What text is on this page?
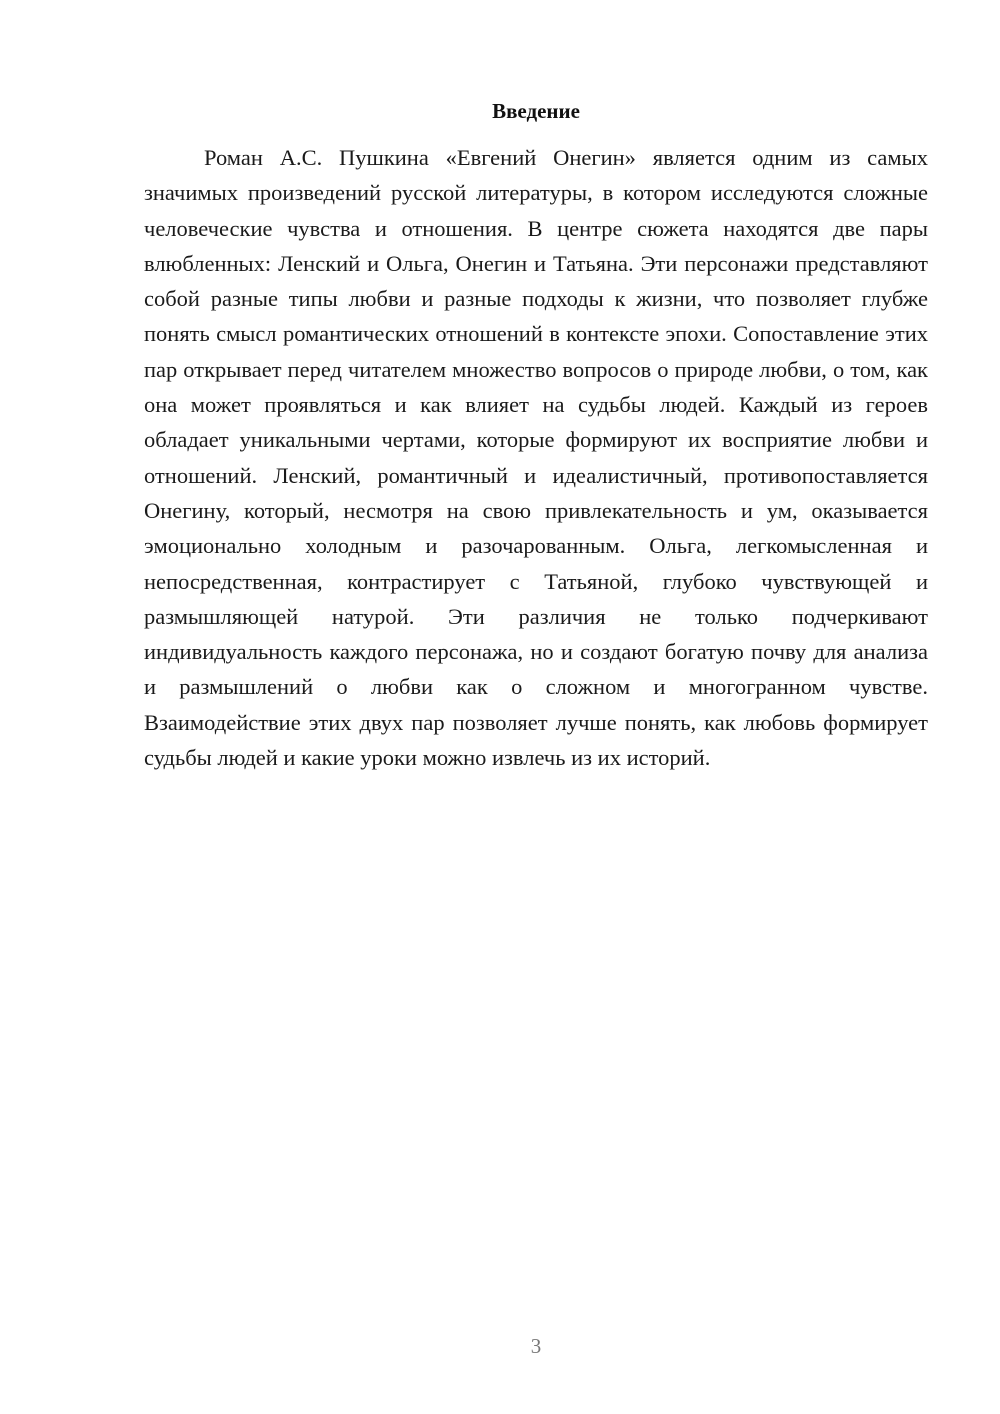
Введение

Роман А.С. Пушкина «Евгений Онегин» является одним из самых значимых произведений русской литературы, в котором исследуются сложные человеческие чувства и отношения. В центре сюжета находятся две пары влюбленных: Ленский и Ольга, Онегин и Татьяна. Эти персонажи представляют собой разные типы любви и разные подходы к жизни, что позволяет глубже понять смысл романтических отношений в контексте эпохи. Сопоставление этих пар открывает перед читателем множество вопросов о природе любви, о том, как она может проявляться и как влияет на судьбы людей. Каждый из героев обладает уникальными чертами, которые формируют их восприятие любви и отношений. Ленский, романтичный и идеалистичный, противопоставляется Онегину, который, несмотря на свою привлекательность и ум, оказывается эмоционально холодным и разочарованным. Ольга, легкомысленная и непосредственная, контрастирует с Татьяной, глубоко чувствующей и размышляющей натурой. Эти различия не только подчеркивают индивидуальность каждого персонажа, но и создают богатую почву для анализа и размышлений о любви как о сложном и многогранном чувстве. Взаимодействие этих двух пар позволяет лучше понять, как любовь формирует судьбы людей и какие уроки можно извлечь из их историй.

3
